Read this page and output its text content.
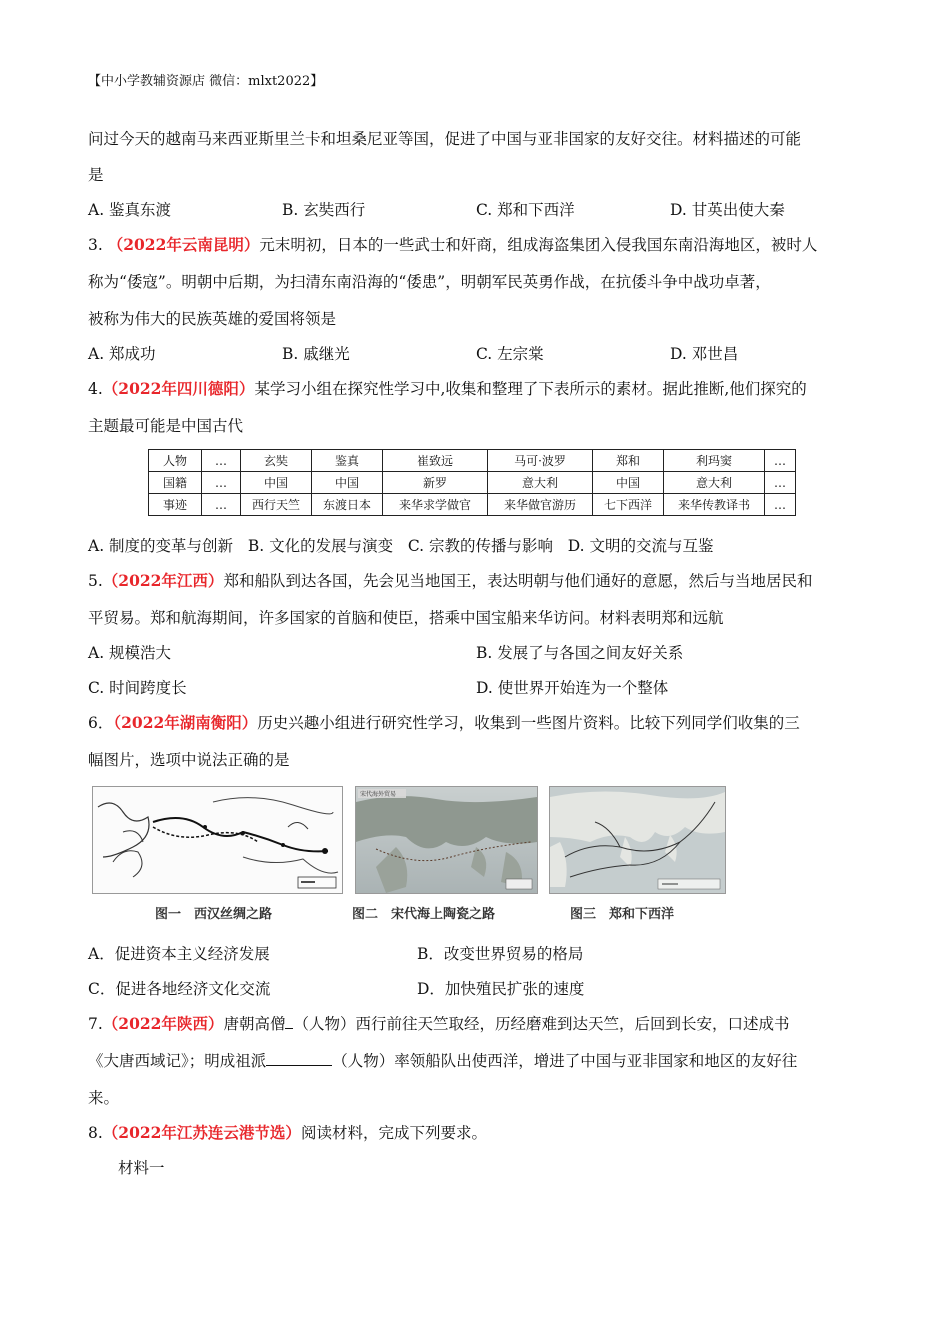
【中小学教辅资源店 微信：mlxt2022】
问过今天的越南马来西亚斯里兰卡和坦桑尼亚等国，促进了中国与亚非国家的友好交往。材料描述的可能
是
A. 鉴真东渡	B. 玄奘西行	C. 郑和下西洋	D. 甘英出使大秦
3. （2022年云南昆明）元末明初，日本的一些武士和奸商，组成海盗集团入侵我国东南沿海地区，被时人
称为“倭寇”。明朝中后期，为扫清东南沿海的“倭患”，明朝军民英勇作战，在抗倭斗争中战功卓著，
被称为伟大的民族英雄的爱国将领是
A. 郑成功	B. 戚继光	C. 左宗棠	D. 邓世昌
4.（2022年四川德阳）某学习小组在探究性学习中,收集和整理了下表所示的素材。据此推断,他们探究的
主题最可能是中国古代
人物	…	玄奘	鉴真	崔致远	马可·波罗	郑和	利玛窦	…
国籍	…	中国	中国	新罗	意大利	中国	意大利	…
事迹	…	西行天竺	东渡日本	来华求学做官	来华做官游历	七下西洋	来华传教译书	…
A. 制度的变革与创新   B. 文化的发展与演变   C. 宗教的传播与影响   D. 文明的交流与互鉴
5.（2022年江西）郑和船队到达各国，先会见当地国王，表达明朝与他们通好的意愿，然后与当地居民和
平贸易。郑和航海期间，许多国家的首脑和使臣，搭乘中国宝船来华访问。材料表明郑和远航
A. 规模浩大	B. 发展了与各国之间友好关系
C. 时间跨度长	D. 使世界开始连为一个整体
6．（2022年湖南衡阳）历史兴趣小组进行研究性学习，收集到一些图片资料。比较下列同学们收集的三
幅图片，选项中说法正确的是
宋代海外贸易
图一　西汉丝绸之路	图二　宋代海上陶瓷之路	图三　郑和下西洋
A．促进资本主义经济发展	B．改变世界贸易的格局
C．促进各地经济文化交流	D．加快殖民扩张的速度
7.（2022年陕西）唐朝高僧 （人物）西行前往天竺取经，历经磨难到达天竺，后回到长安，口述成书
《大唐西域记》；明成祖派	（人物）率领船队出使西洋，增进了中国与亚非国家和地区的友好往
来。
8.（2022年江苏连云港节选）阅读材料，完成下列要求。
材料一
